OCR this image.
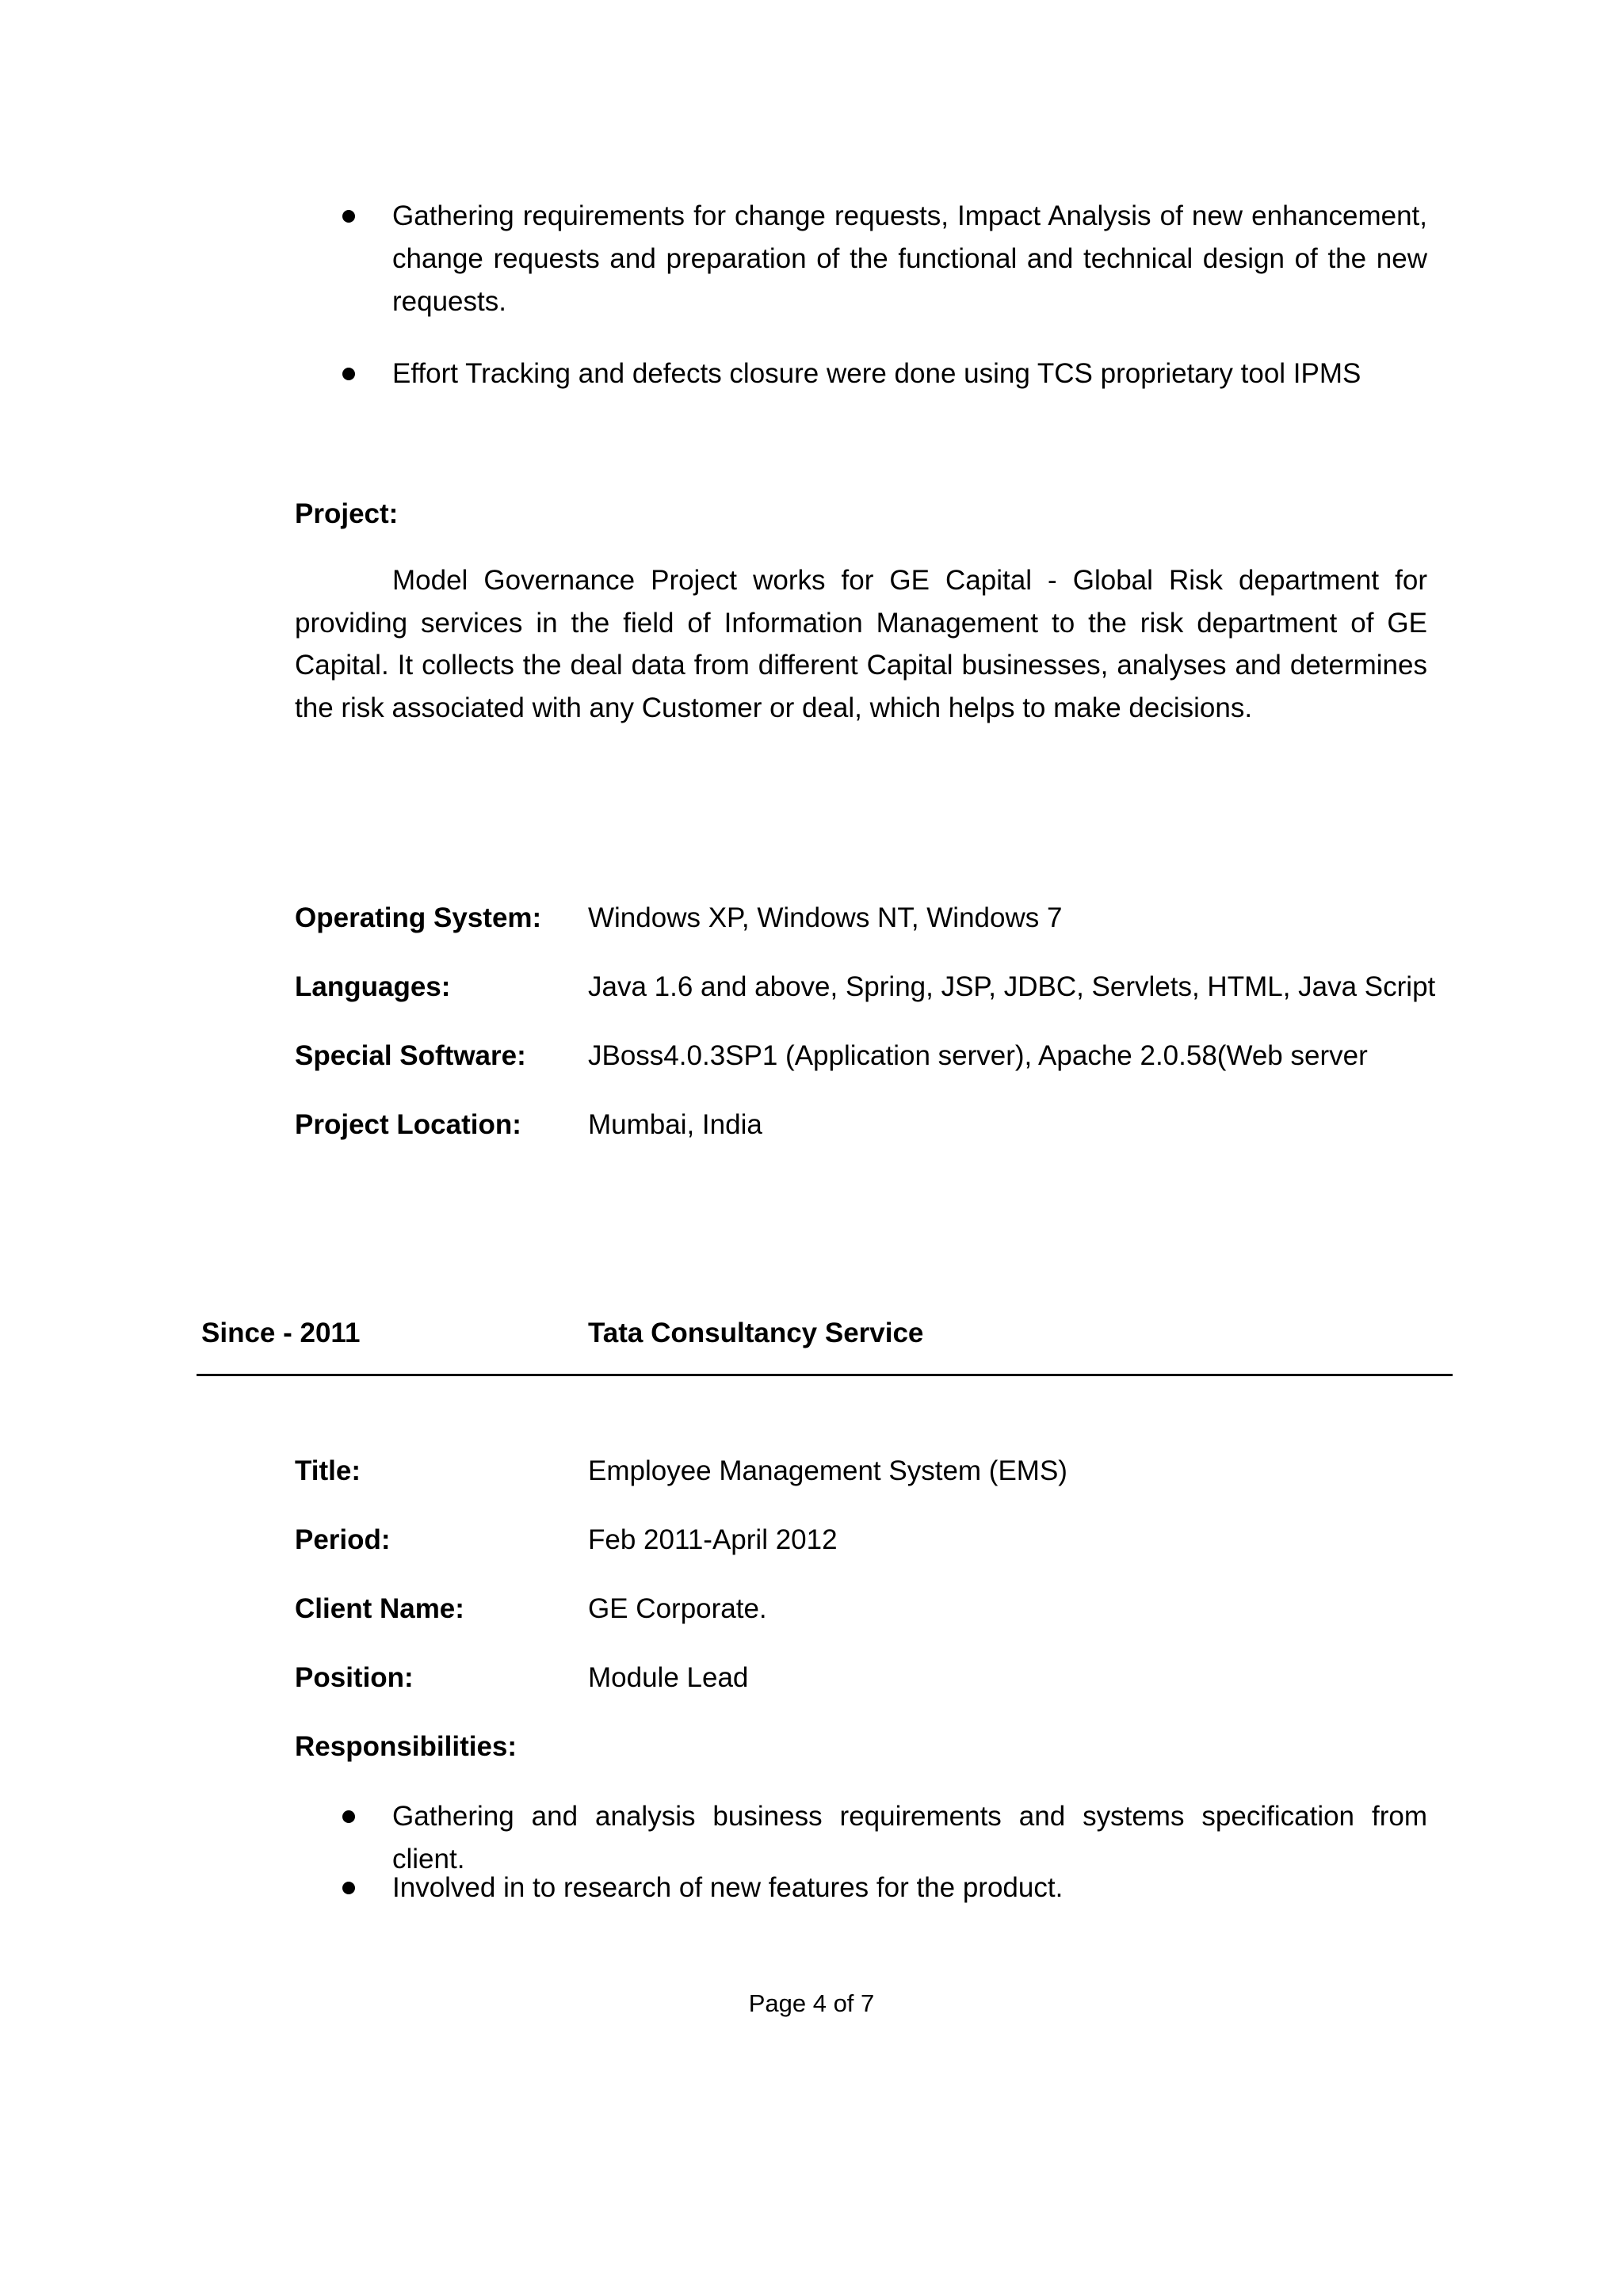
Gathering requirements for change requests, Impact Analysis of new enhancement, change requests and preparation of the functional and technical design of the new requests.
Effort Tracking and defects closure were done using TCS proprietary tool IPMS
Project:
Model Governance Project works for GE Capital - Global Risk department for providing services in the field of Information Management to the risk department of GE Capital. It collects the deal data from different Capital businesses, analyses and determines the risk associated with any Customer or deal, which helps to make decisions.
Operating System: Windows XP, Windows NT, Windows 7
Languages:	Java 1.6 and above, Spring, JSP, JDBC, Servlets, HTML, Java Script
Special Software: JBoss4.0.3SP1 (Application server), Apache 2.0.58(Web server
Project Location: Mumbai, India
Since - 2011	Tata Consultancy Service
Title:	Employee Management System (EMS)
Period:	Feb 2011-April 2012
Client Name:	GE Corporate.
Position:	Module Lead
Responsibilities:
Gathering and analysis business requirements and systems specification from client.
Involved in to research of new features for the product.
Page 4 of 7
